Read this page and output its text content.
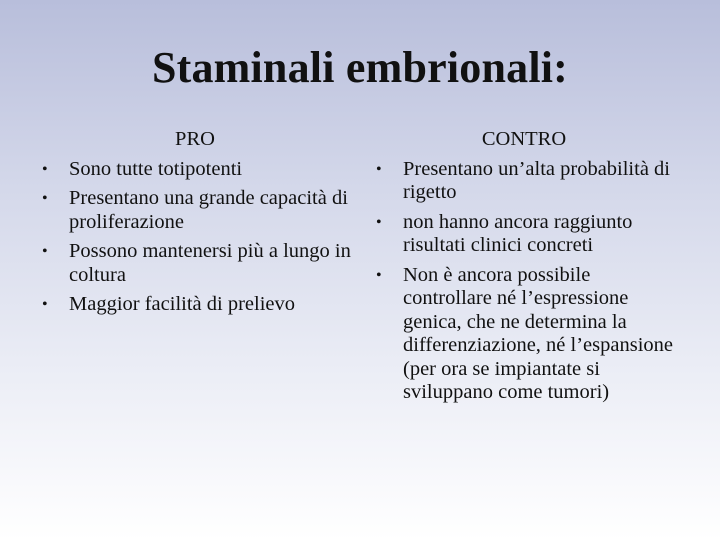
Staminali embrionali:
PRO
•	Sono tutte totipotenti
•	Presentano una grande capacità di proliferazione
•	Possono mantenersi più a lungo in coltura
•	Maggior facilità di prelievo
CONTRO
•	Presentano un’alta probabilità di rigetto
•	non hanno ancora raggiunto risultati clinici concreti
•	Non è ancora possibile controllare né l’espressione genica, che ne determina la differenziazione, né l’espansione (per ora se impiantate si sviluppano come tumori)
